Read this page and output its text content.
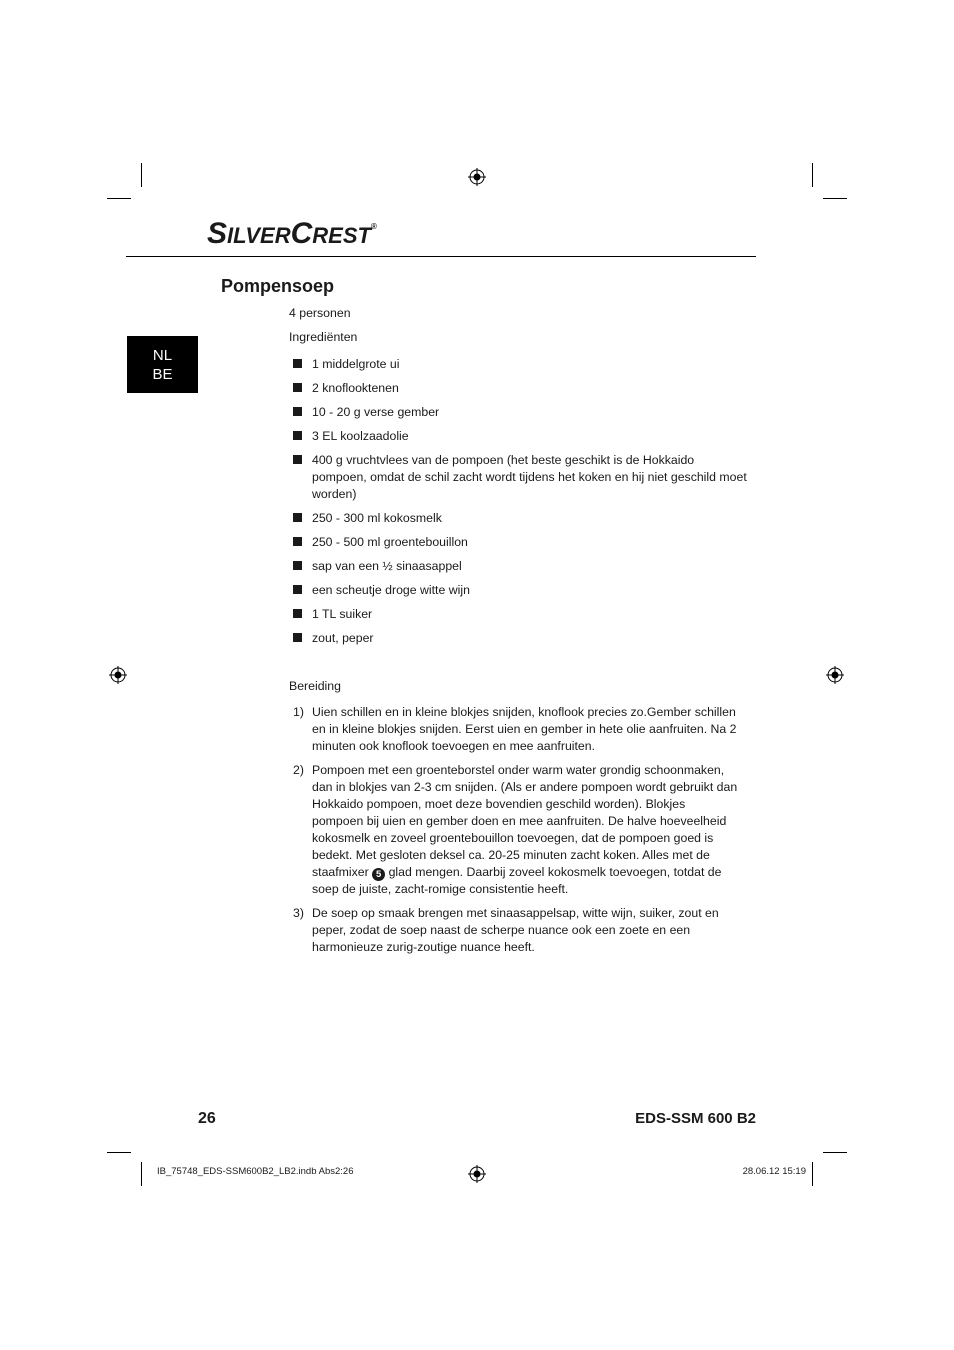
SILVERCREST®
Pompensoep
NL
BE
4 personen
Ingrediënten
1 middelgrote ui
2 knoflooktenen
10 - 20 g verse gember
3 EL koolzaadolie
400 g vruchtvlees van de pompoen (het beste geschikt is de Hokkaido pompoen, omdat de schil zacht wordt tijdens het koken en hij niet geschild moet worden)
250 - 300 ml kokosmelk
250 - 500 ml groentebouillon
sap van een ½ sinaasappel
een scheutje droge witte wijn
1 TL suiker
zout, peper
Bereiding
1) Uien schillen en in kleine blokjes snijden, knoflook precies zo.Gember schillen en in kleine blokjes snijden. Eerst uien en gember in hete olie aanfruiten. Na 2 minuten ook knoflook toevoegen en mee aanfruiten.
2) Pompoen met een groenteborstel onder warm water grondig schoonmaken, dan in blokjes van 2-3 cm snijden. (Als er andere pompoen wordt gebruikt dan Hokkaido pompoen, moet deze bovendien geschild worden). Blokjes pompoen bij uien en gember doen en mee aanfruiten. De halve hoeveelheid kokosmelk en zoveel groentebouillon toevoegen, dat de pompoen goed is bedekt. Met gesloten deksel ca. 20-25 minuten zacht koken. Alles met de staafmixer 5 glad mengen. Daarbij zoveel kokosmelk toevoegen, totdat de soep de juiste, zacht-romige consistentie heeft.
3) De soep op smaak brengen met sinaasappelsap, witte wijn, suiker, zout en peper, zodat de soep naast de scherpe nuance ook een zoete en een harmonieuze zurig-zoutige nuance heeft.
26	EDS-SSM 600 B2
IB_75748_EDS-SSM600B2_LB2.indb Abs2:26	28.06.12 15:19
